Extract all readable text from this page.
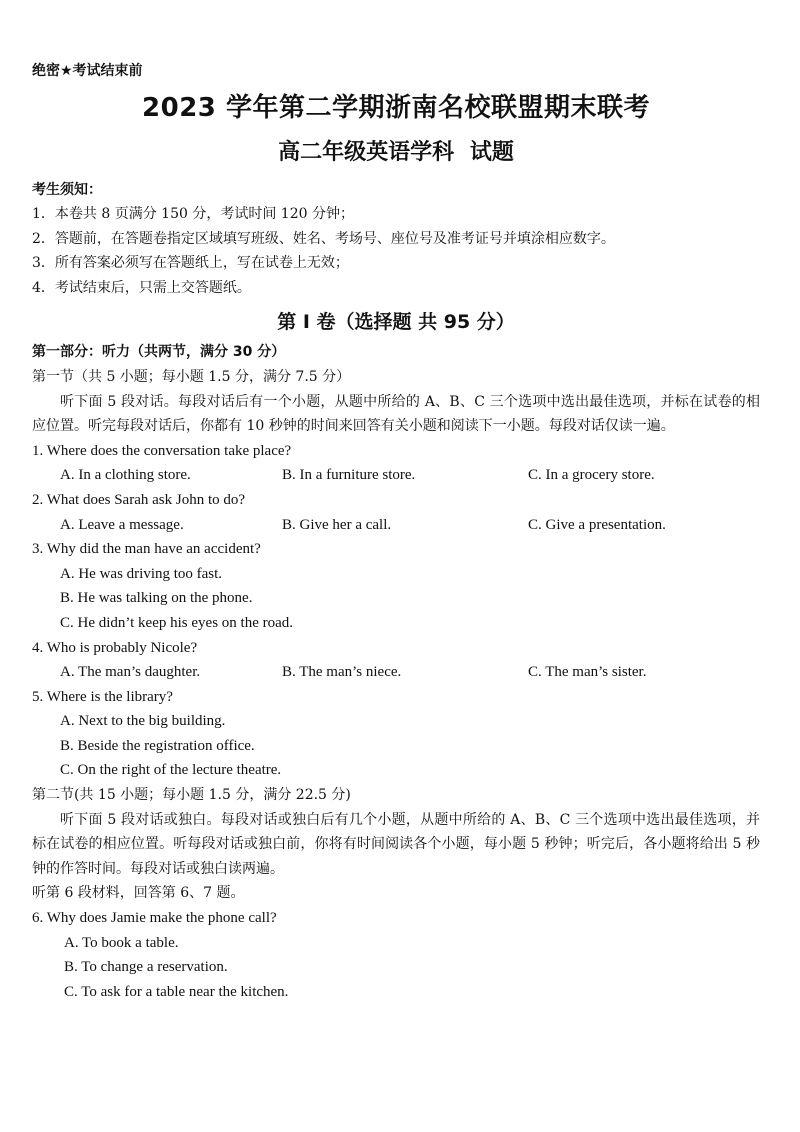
绝密★考试结束前
2023 学年第二学期浙南名校联盟期末联考
高二年级英语学科 试题
考生须知：
1．本卷共 8 页满分 150 分，考试时间 120 分钟；
2．答题前，在答题卷指定区域填写班级、姓名、考场号、座位号及准考证号并填涂相应数字。
3．所有答案必须写在答题纸上，写在试卷上无效；
4．考试结束后，只需上交答题纸。
第 I 卷（选择题 共 95 分）
第一部分：听力（共两节，满分 30 分）
第一节（共 5 小题；每小题 1.5 分，满分 7.5 分）
听下面 5 段对话。每段对话后有一个小题，从题中所给的 A、B、C 三个选项中选出最佳选项，并标在试卷的相应位置。听完每段对话后，你都有 10 秒钟的时间来回答有关小题和阅读下一小题。每段对话仅读一遍。
1. Where does the conversation take place?
A. In a clothing store.	B. In a furniture store.	C. In a grocery store.
2. What does Sarah ask John to do?
A. Leave a message.	B. Give her a call.	C. Give a presentation.
3. Why did the man have an accident?
A. He was driving too fast.
B. He was talking on the phone.
C. He didn’t keep his eyes on the road.
4. Who is probably Nicole?
A. The man’s daughter.	B. The man’s niece.	C. The man’s sister.
5. Where is the library?
A. Next to the big building.
B. Beside the registration office.
C. On the right of the lecture theatre.
第二节(共 15 小题；每小题 1.5 分，满分 22.5 分)
听下面 5 段对话或独白。每段对话或独白后有几个小题，从题中所给的 A、B、C 三个选项中选出最佳选项，并标在试卷的相应位置。听每段对话或独白前，你将有时间阅读各个小题，每小题 5 秒钟；听完后，各小题将给出 5 秒钟的作答时间。每段对话或独白读两遍。
听第 6 段材料，回答第 6、7 题。
6. Why does Jamie make the phone call?
A. To book a table.
B. To change a reservation.
C. To ask for a table near the kitchen.
